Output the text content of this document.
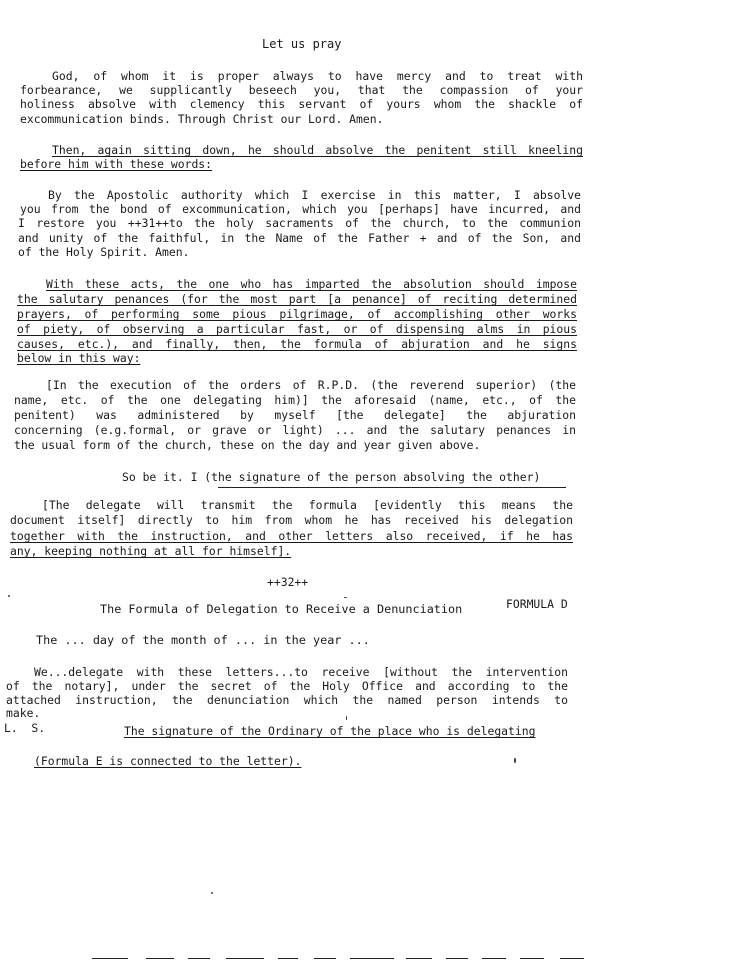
Let us pray

God, of whom it is proper always to have mercy and to treat with

forbearance, we supplicantly beseech you, that the compassion of your

holiness absolve with clemency this servant of yours whom the shackle of

excommunication binds. Through Christ our Lord. Amen.

Then, again sitting down, he should absolve the penitent still kneeling

before him with these words:

By the Apostolic authority which I exercise in this matter, I absolve

you from the bond of excommunication, which you [perhaps] have incurred, and

I restore you ++31++to the holy sacraments of the church, to the communion

and unity of the faithful, in the Name of the Father + and of the Son, and

of the Holy Spirit. Amen.

With these acts, the one who has imparted the absolution should impose

the salutary penances (for the most part [a penance] of reciting determined

prayers, of performing some pious pilgrimage, of accomplishing other works

of piety, of observing a particular fast, or of dispensing alms in pious

causes, etc.), and finally, then, the formula of abjuration and he signs

below in this way:

[In the execution of the orders of R.P.D. (the reverend superior) (the

name, etc. of the one delegating him)] the aforesaid (name, etc., of the

penitent) was administered by myself [the delegate] the abjuration

concerning (e.g.formal, or grave or light) ... and the salutary penances in

the usual form of the church, these on the day and year given above.

So be it. I (the signature of the person absolving the other)

[The delegate will transmit the formula [evidently this means the

document itself] directly to him from whom he has received his delegation

together with the instruction, and other letters also received, if he has

any, keeping nothing at all for himself].

++32++

FORMULA D

The Formula of Delegation to Receive a Denunciation

The ... day of the month of ... in the year ...

We...delegate with these letters...to receive [without the intervention

of the notary], under the secret of the Holy Office and according to the

attached instruction, the denunciation which the named person intends to

make.

L.  S.	The signature of the Ordinary of the place who is delegating

(Formula E is connected to the letter).
